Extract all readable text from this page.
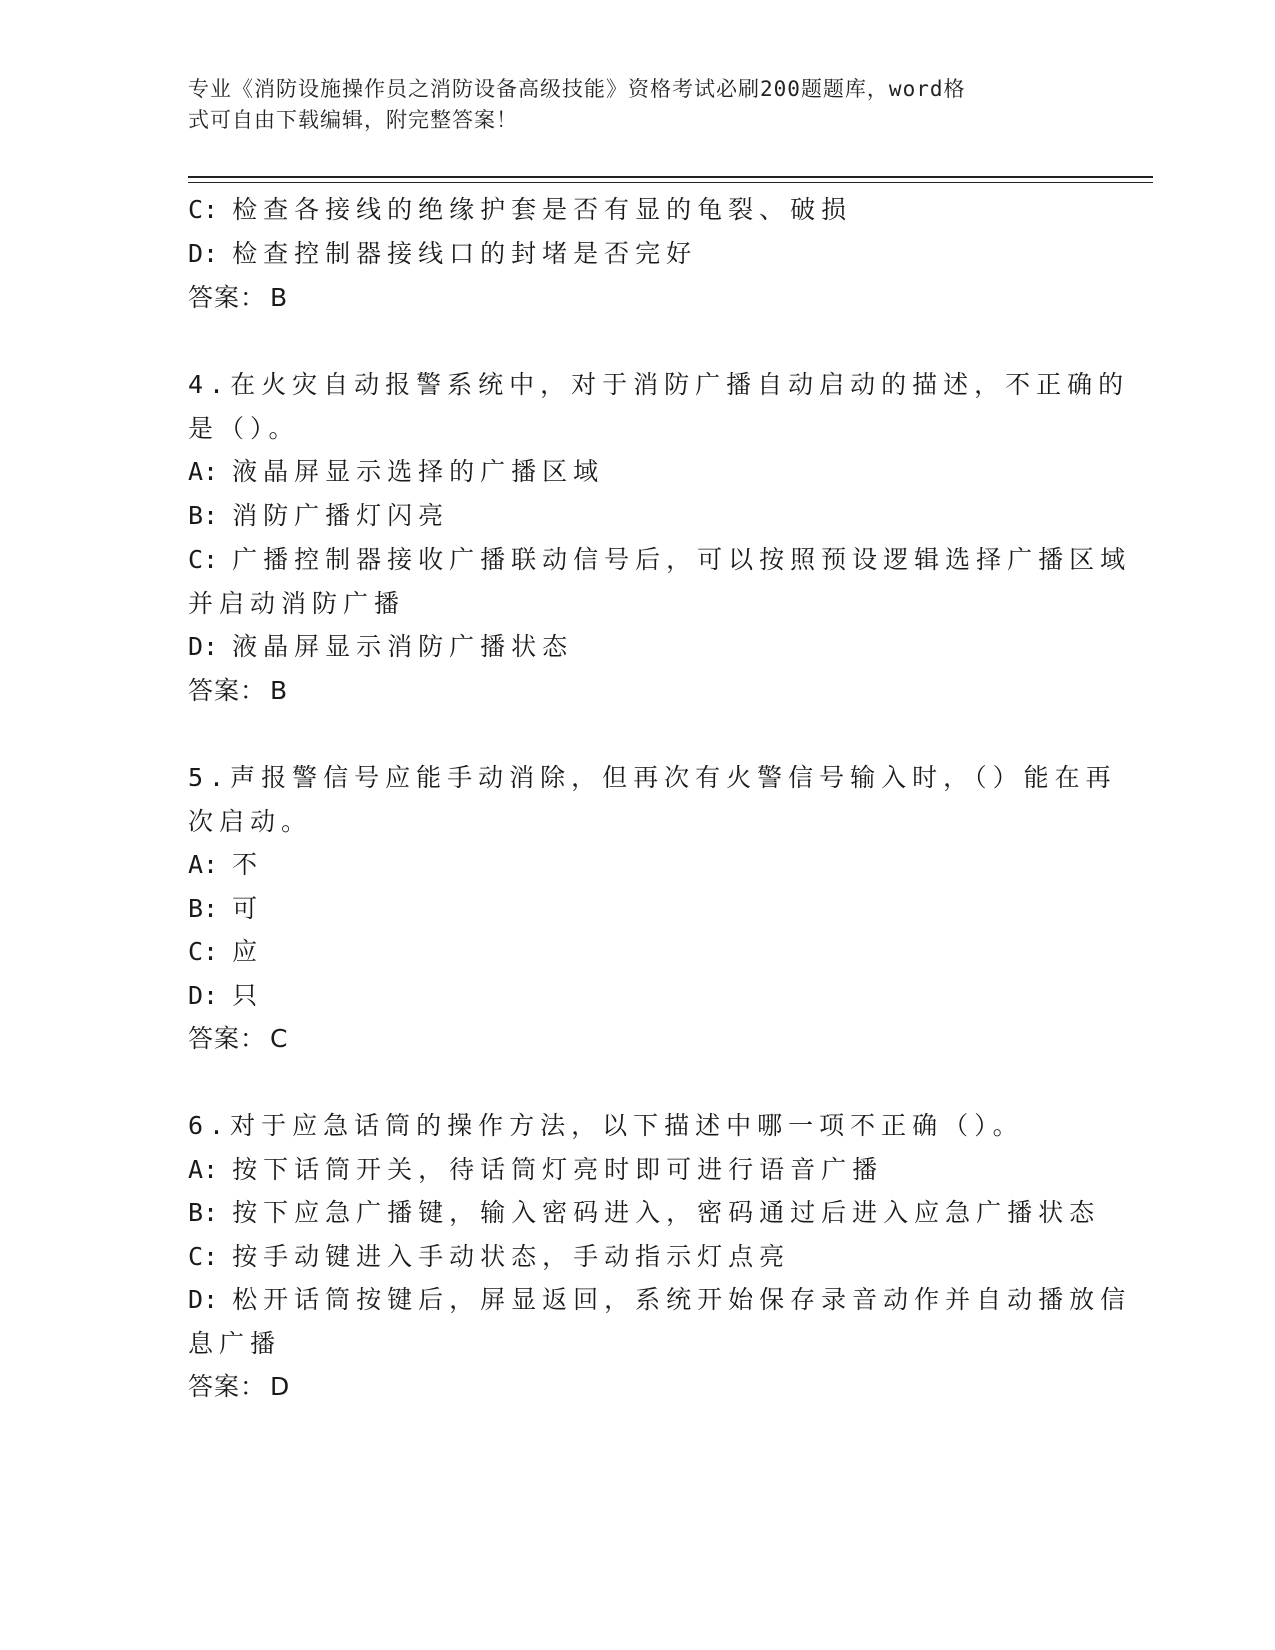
专业《消防设施操作员之消防设备高级技能》资格考试必刷200题题库，word格
式可自由下载编辑，附完整答案！
C: 检查各接线的绝缘护套是否有显的龟裂、破损
D: 检查控制器接线口的封堵是否完好
答案： B
4.在火灾自动报警系统中，对于消防广播自动启动的描述，不正确的
是（）。
A: 液晶屏显示选择的广播区域
B: 消防广播灯闪亮
C: 广播控制器接收广播联动信号后，可以按照预设逻辑选择广播区域
并启动消防广播
D: 液晶屏显示消防广播状态
答案： B
5.声报警信号应能手动消除，但再次有火警信号输入时，（）能在再
次启动。
A: 不
B: 可
C: 应
D: 只
答案： C
6.对于应急话筒的操作方法，以下描述中哪一项不正确（）。
A: 按下话筒开关，待话筒灯亮时即可进行语音广播
B: 按下应急广播键，输入密码进入，密码通过后进入应急广播状态
C: 按手动键进入手动状态，手动指示灯点亮
D: 松开话筒按键后，屏显返回，系统开始保存录音动作并自动播放信
息广播
答案： D
